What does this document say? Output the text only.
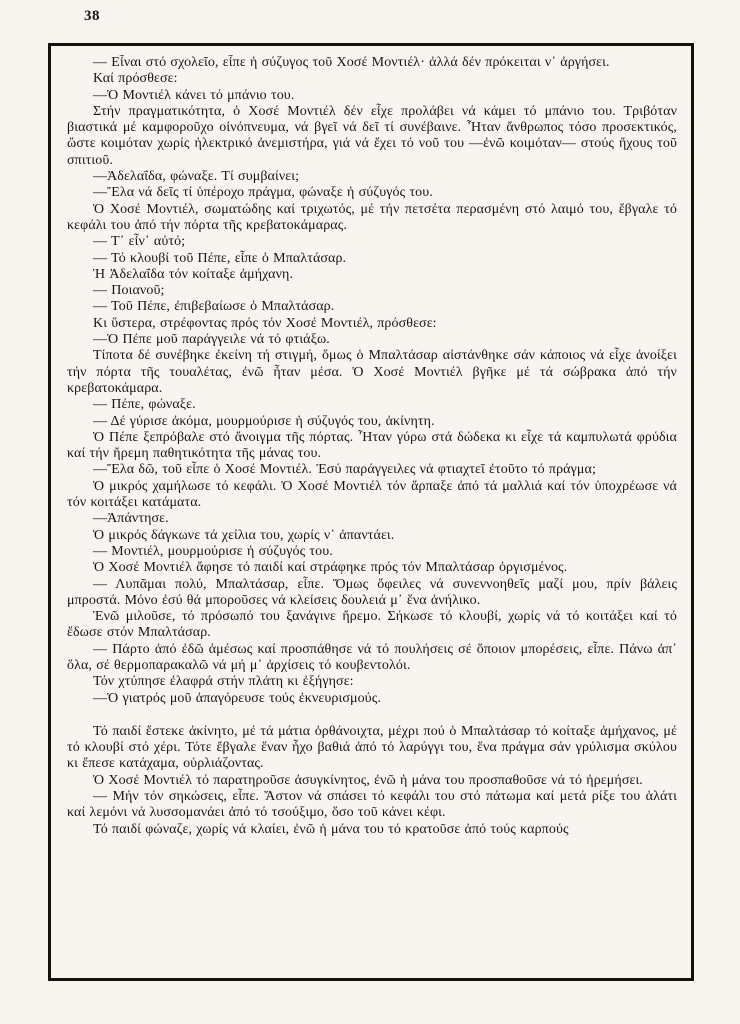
38

— Εἶναι στό σχολεῖο, εἶπε ἡ σύζυγος τοῦ Χοσέ Μοντιέλ· ἀλλά δέν πρόκειται ν᾽ ἀργήσει.

Καί πρόσθεσε:

—Ὁ Μοντιέλ κάνει τό μπάνιο του.

Στήν πραγματικότητα, ὁ Χοσέ Μοντιέλ δέν εἶχε προλάβει νά κάμει τό μπάνιο του. Τριβόταν βιαστικά μέ καμφοροῦχο οἰνόπνευμα, νά βγεῖ νά δεῖ τί συνέβαινε. Ἦταν ἄνθρωπος τόσο προσεκτικός, ὥστε κοιμόταν χωρίς ἠλεκτρικό ἀνεμιστήρα, γιά νά ἔχει τό νοῦ του —ἐνῶ κοιμόταν— στούς ἤχους τοῦ σπιτιοῦ.

—Ἀδελαΐδα, φώναξε. Τί συμβαίνει;

—Ἔλα νά δεῖς τί ὑπέροχο πράγμα, φώναξε ἡ σύζυγός του.

Ὁ Χοσέ Μοντιέλ, σωματώδης καί τριχωτός, μέ τήν πετσέτα περασμένη στό λαιμό του, ἔβγαλε τό κεφάλι του ἀπό τήν πόρτα τῆς κρεβατοκάμαρας.

— Τ᾽ εἶν᾽ αὐτό;

— Τό κλουβί τοῦ Πέπε, εἶπε ὁ Μπαλτάσαρ.

Ἡ Ἀδελαΐδα τόν κοίταξε ἀμήχανη.

— Ποιανοῦ;

— Τοῦ Πέπε, ἐπιβεβαίωσε ὁ Μπαλτάσαρ.

Κι ὕστερα, στρέφοντας πρός τόν Χοσέ Μοντιέλ, πρόσθεσε:

—Ὁ Πέπε μοῦ παράγγειλε νά τό φτιάξω.

Τίποτα δέ συνέβηκε ἐκείνη τή στιγμή, ὅμως ὁ Μπαλτάσαρ αἰστάνθηκε σάν κάποιος νά εἶχε ἀνοίξει τήν πόρτα τῆς τουαλέτας, ἐνῶ ἦταν μέσα. Ὁ Χοσέ Μοντιέλ βγῆκε μέ τά σώβρακα ἀπό τήν κρεβατοκάμαρα.

— Πέπε, φώναξε.

— Δέ γύρισε ἀκόμα, μουρμούρισε ἡ σύζυγός του, ἀκίνητη.

Ὁ Πέπε ξεπρόβαλε στό ἄνοιγμα τῆς πόρτας. Ἦταν γύρω στά δώδεκα κι εἶχε τά καμπυλωτά φρύδια καί τήν ἤρεμη παθητικότητα τῆς μάνας του.

—Ἔλα δῶ, τοῦ εἶπε ὁ Χοσέ Μοντιέλ. Ἐσύ παράγγειλες νά φτιαχτεῖ ἐτοῦτο τό πράγμα;

Ὁ μικρός χαμήλωσε τό κεφάλι. Ὁ Χοσέ Μοντιέλ τόν ἅρπαξε ἀπό τά μαλλιά καί τόν ὑποχρέωσε νά τόν κοιτάξει κατάματα.

—Ἀπάντησε.

Ὁ μικρός δάγκωνε τά χείλια του, χωρίς ν᾽ ἀπαντάει.

— Μοντιέλ, μουρμούρισε ἡ σύζυγός του.

Ὁ Χοσέ Μοντιέλ ἄφησε τό παιδί καί στράφηκε πρός τόν Μπαλτάσαρ ὀργισμένος.

— Λυπᾶμαι πολύ, Μπαλτάσαρ, εἶπε. Ὅμως ὄφειλες νά συνεννοηθεῖς μαζί μου, πρίν βάλεις μπροστά. Μόνο ἐσύ θά μποροῦσες νά κλείσεις δουλειά μ᾽ ἕνα ἀνήλικο.

Ἐνῶ μιλοῦσε, τό πρόσωπό του ξανάγινε ἤρεμο. Σήκωσε τό κλουβί, χωρίς νά τό κοιτάξει καί τό ἔδωσε στόν Μπαλτάσαρ.

— Πάρτο ἀπό ἐδῶ ἀμέσως καί προσπάθησε νά τό πουλήσεις σέ ὅποιον μπορέσεις, εἶπε. Πάνω ἀπ᾽ ὅλα, σέ θερμοπαρακαλῶ νά μή μ᾽ ἀρχίσεις τό κουβεντολόι.

Τόν χτύπησε ἐλαφρά στήν πλάτη κι ἐξήγησε:

—Ὁ γιατρός μοῦ ἀπαγόρευσε τούς ἐκνευρισμούς.

Τό παιδί ἔστεκε ἀκίνητο, μέ τά μάτια ὀρθάνοιχτα, μέχρι πού ὁ Μπαλτάσαρ τό κοίταξε ἀμήχανος, μέ τό κλουβί στό χέρι. Τότε ἔβγαλε ἕναν ἦχο βαθιά ἀπό τό λαρύγγι του, ἕνα πράγμα σάν γρύλισμα σκύλου κι ἔπεσε κατάχαμα, οὐρλιάζοντας.

Ὁ Χοσέ Μοντιέλ τό παρατηροῦσε ἀσυγκίνητος, ἐνῶ ἡ μάνα του προσπαθοῦσε νά τό ἠρεμήσει.

— Μήν τόν σηκώσεις, εἶπε. Ἄστον νά σπάσει τό κεφάλι του στό πάτωμα καί μετά ρίξε του ἁλάτι καί λεμόνι νά λυσσομανάει ἀπό τό τσούξιμο, ὅσο τοῦ κάνει κέφι.

Τό παιδί φώναζε, χωρίς νά κλαίει, ἐνῶ ἡ μάνα του τό κρατοῦσε ἀπό τούς καρπούς
